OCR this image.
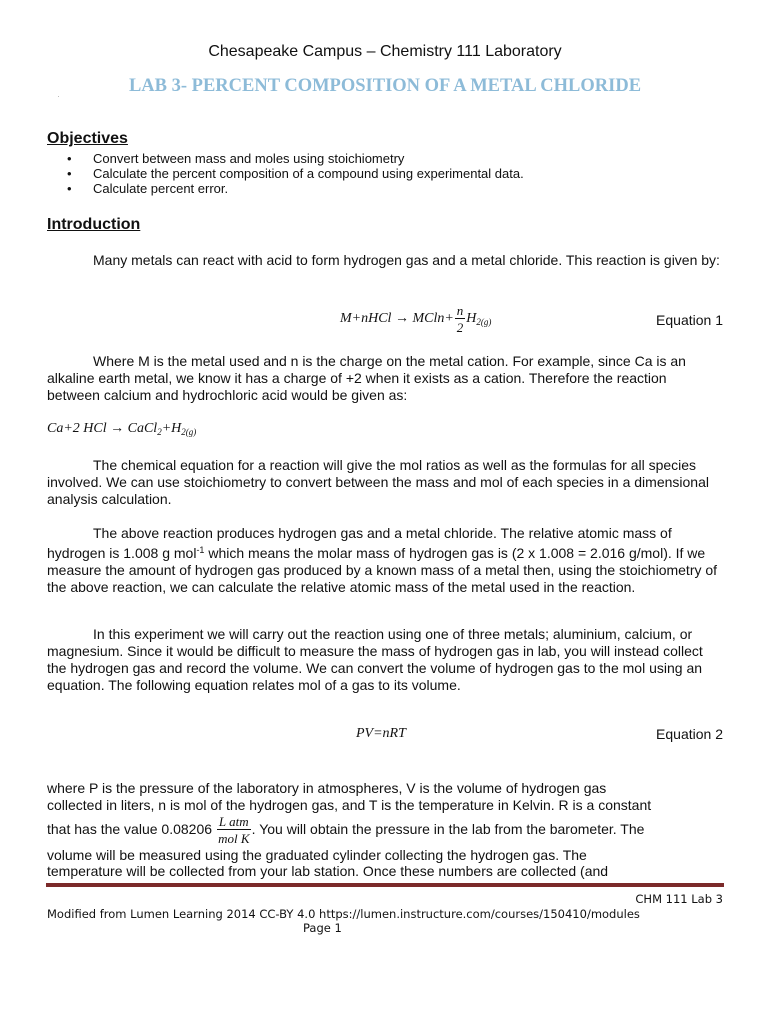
Chesapeake Campus – Chemistry 111 Laboratory
LAB 3- PERCENT COMPOSITION OF A METAL CHLORIDE
Objectives
• Convert between mass and moles using stoichiometry
• Calculate the percent composition of a compound using experimental data.
• Calculate percent error.
Introduction

Many metals can react with acid to form hydrogen gas and a metal chloride. This reaction is given by:

M+nHCl → $MCln+ \frac{n}{2} H_{2(g)}$	Equation 1

Where M is the metal used and n is the charge on the metal cation. For example, since Ca is an alkaline earth metal, we know it has a charge of +2 when it exists as a cation. Therefore the reaction between calcium and hydrochloric acid would be given as:

Ca+2 HCl → $CaCl_2+H_{2(g)}$

The chemical equation for a reaction will give the mol ratios as well as the formulas for all species involved. We can use stoichiometry to convert between the mass and mol of each species in a dimensional analysis calculation.

The above reaction produces hydrogen gas and a metal chloride. The relative atomic mass of hydrogen is 1.008 g mol$^{-1}$ which means the molar mass of hydrogen gas is (2 x 1.008 = 2.016 g/mol). If we measure the amount of hydrogen gas produced by a known mass of a metal then, using the stoichiometry of the above reaction, we can calculate the relative atomic mass of the metal used in the reaction.

In this experiment we will carry out the reaction using one of three metals; aluminium, calcium, or magnesium. Since it would be difficult to measure the mass of hydrogen gas in lab, you will instead collect the hydrogen gas and record the volume. We can convert the volume of hydrogen gas to the mol using an equation. The following equation relates mol of a gas to its volume.

PV=nRT	Equation 2
where P is the pressure of the laboratory in atmospheres, V is the volume of hydrogen gas
collected in liters, n is mol of the hydrogen gas, and T is the temperature in Kelvin. R is a constant
that has the value $0.08206 \frac{\text{L atm}}{\text{mol K}}$ . You will obtain the pressure in the lab from the barometer. The
volume will be measured using the graduated cylinder collecting the hydrogen gas. The
temperature will be collected from your lab station. Once these numbers are collected (and
CHM 111 Lab 3
Modified from Lumen Learning 2014 CC-BY 4.0 https://lumen.instructure.com/courses/150410/modules
Page 1
